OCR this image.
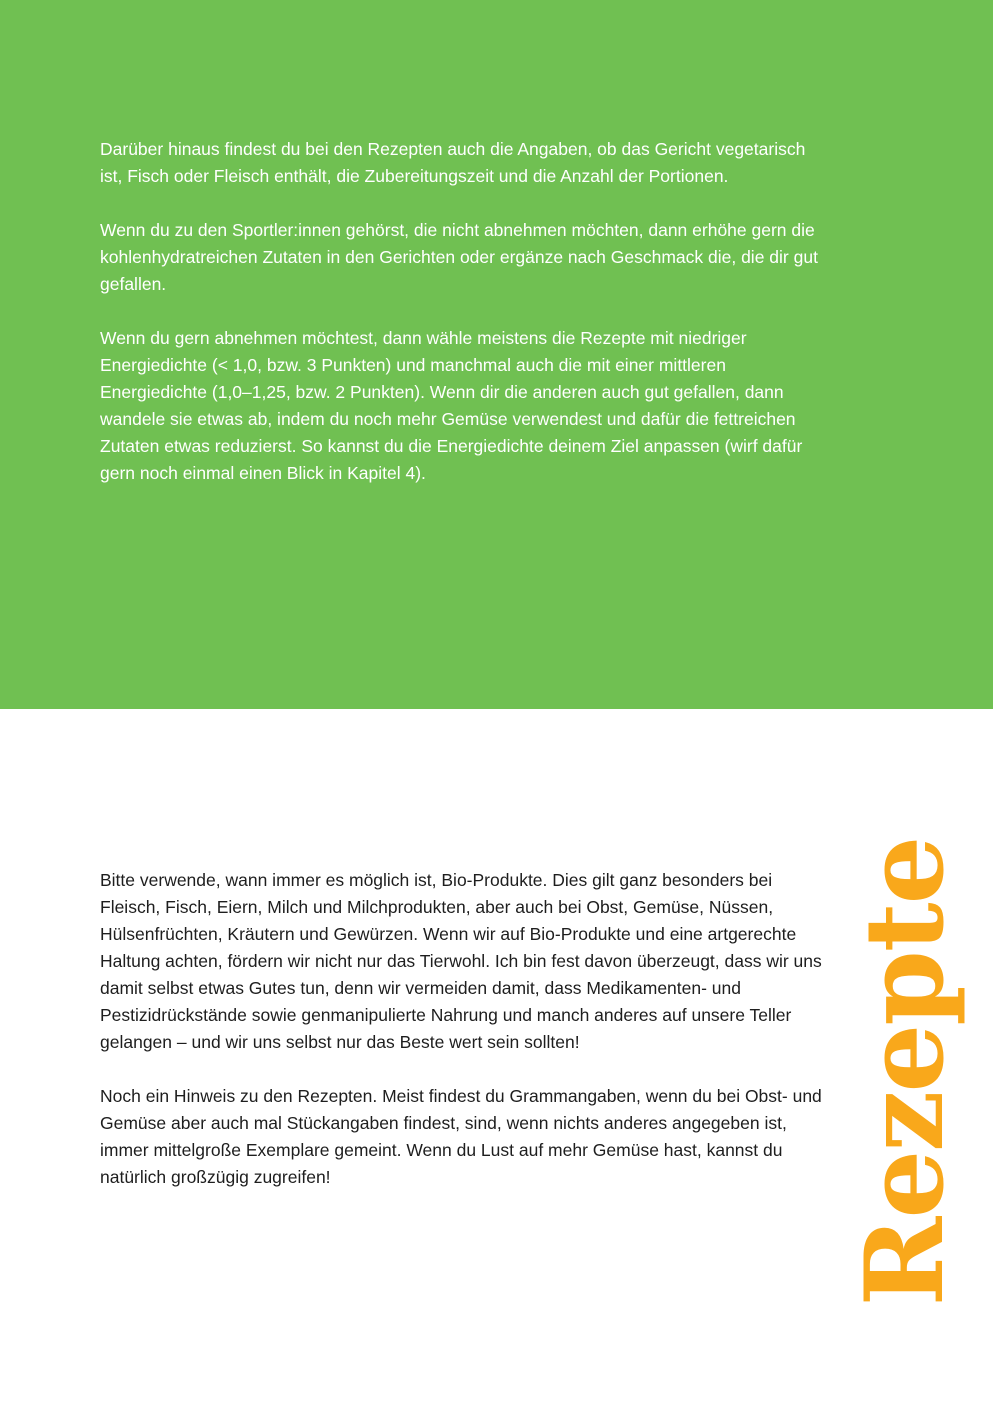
Darüber hinaus findest du bei den Rezepten auch die Angaben, ob das Gericht vegetarisch ist, Fisch oder Fleisch enthält, die Zubereitungszeit und die Anzahl der Portionen.

Wenn du zu den Sportler:innen gehörst, die nicht abnehmen möchten, dann erhöhe gern die kohlenhydratreichen Zutaten in den Gerichten oder ergänze nach Geschmack die, die dir gut gefallen.

Wenn du gern abnehmen möchtest, dann wähle meistens die Rezepte mit niedriger Energiedichte (< 1,0, bzw. 3 Punkten) und manchmal auch die mit einer mittleren Energiedichte (1,0–1,25, bzw. 2 Punkten). Wenn dir die anderen auch gut gefallen, dann wandele sie etwas ab, indem du noch mehr Gemüse verwendest und dafür die fettreichen Zutaten etwas reduzierst. So kannst du die Energiedichte deinem Ziel anpassen (wirf dafür gern noch einmal einen Blick in Kapitel 4).

Bitte verwende, wann immer es möglich ist, Bio-Produkte. Dies gilt ganz besonders bei Fleisch, Fisch, Eiern, Milch und Milchprodukten, aber auch bei Obst, Gemüse, Nüssen, Hülsenfrüchten, Kräutern und Gewürzen. Wenn wir auf Bio-Produkte und eine artgerechte Haltung achten, fördern wir nicht nur das Tierwohl. Ich bin fest davon überzeugt, dass wir uns damit selbst etwas Gutes tun, denn wir vermeiden damit, dass Medikamenten- und Pestizidrückstände sowie genmanipulierte Nahrung und manch anderes auf unsere Teller gelangen – und wir uns selbst nur das Beste wert sein sollten!

Noch ein Hinweis zu den Rezepten. Meist findest du Grammangaben, wenn du bei Obst- und Gemüse aber auch mal Stückangaben findest, sind, wenn nichts anderes angegeben ist, immer mittelgroße Exemplare gemeint. Wenn du Lust auf mehr Gemüse hast, kannst du natürlich großzügig zugreifen!	Rezepte
